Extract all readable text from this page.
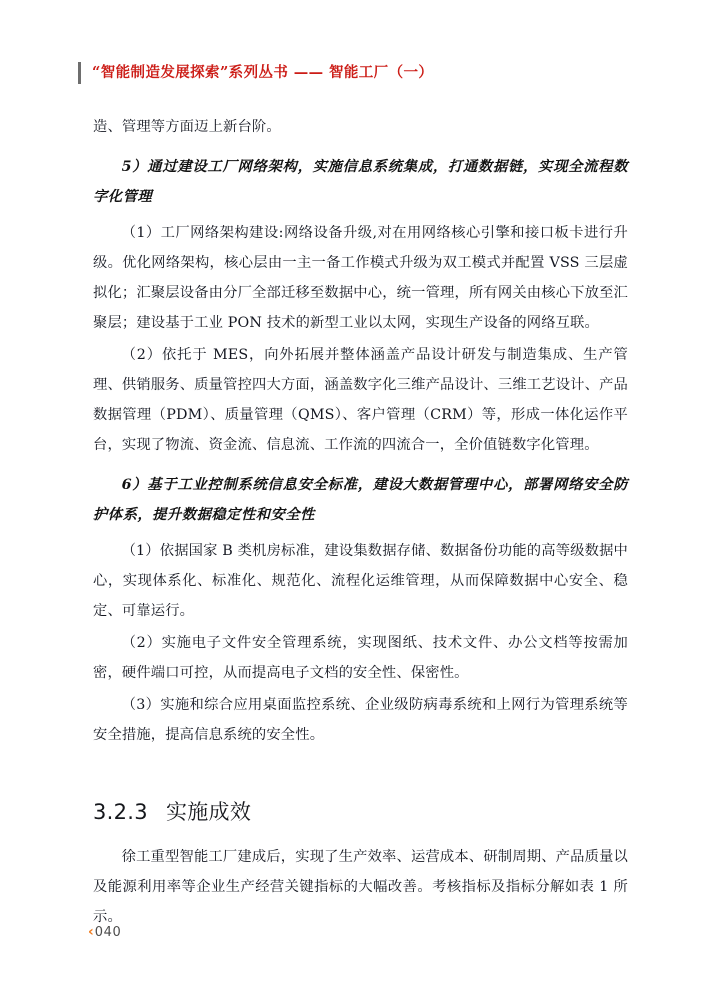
“智能制造发展探索”系列丛书 —— 智能工厂（一）

造、管理等方面迈上新台阶。

5）通过建设工厂网络架构，实施信息系统集成，打通数据链，实现全流程数字化管理

（1）工厂网络架构建设:网络设备升级,对在用网络核心引擎和接口板卡进行升级。优化网络架构，核心层由一主一备工作模式升级为双工模式并配置 VSS 三层虚拟化；汇聚层设备由分厂全部迁移至数据中心，统一管理，所有网关由核心下放至汇聚层；建设基于工业 PON 技术的新型工业以太网，实现生产设备的网络互联。

（2）依托于 MES，向外拓展并整体涵盖产品设计研发与制造集成、生产管理、供销服务、质量管控四大方面，涵盖数字化三维产品设计、三维工艺设计、产品数据管理（PDM）、质量管理（QMS）、客户管理（CRM）等，形成一体化运作平台，实现了物流、资金流、信息流、工作流的四流合一，全价值链数字化管理。

6）基于工业控制系统信息安全标准，建设大数据管理中心，部署网络安全防护体系，提升数据稳定性和安全性

（1）依据国家 B 类机房标准，建设集数据存储、数据备份功能的高等级数据中心，实现体系化、标准化、规范化、流程化运维管理，从而保障数据中心安全、稳定、可靠运行。

（2）实施电子文件安全管理系统，实现图纸、技术文件、办公文档等按需加密，硬件端口可控，从而提高电子文档的安全性、保密性。

（3）实施和综合应用桌面监控系统、企业级防病毒系统和上网行为管理系统等安全措施，提高信息系统的安全性。

3.2.3 实施成效

徐工重型智能工厂建成后，实现了生产效率、运营成本、研制周期、产品质量以及能源利用率等企业生产经营关键指标的大幅改善。考核指标及指标分解如表 1 所示。

‹ 040
